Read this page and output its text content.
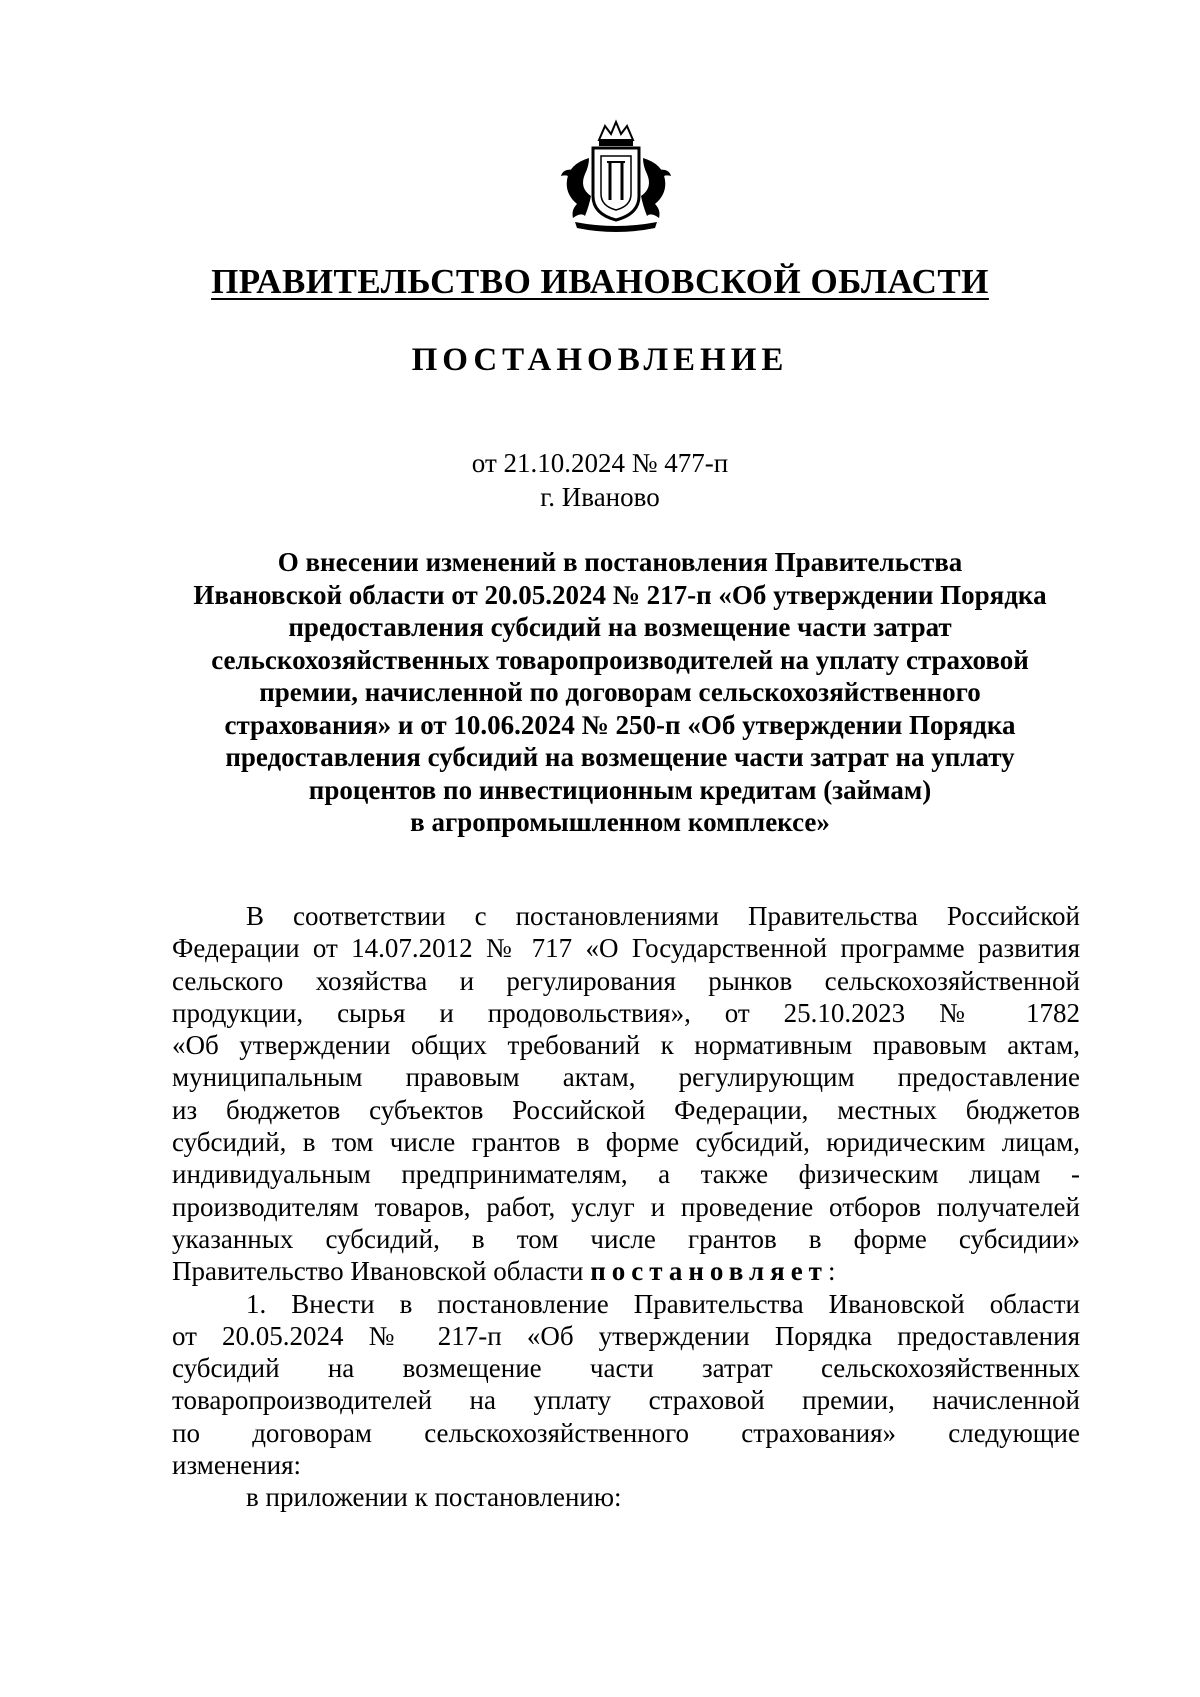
ПРАВИТЕЛЬСТВО ИВАНОВСКОЙ ОБЛАСТИ
ПОСТАНОВЛЕНИЕ
от 21.10.2024 № 477-п
г. Иваново
О внесении изменений в постановления Правительства
Ивановской области от 20.05.2024 № 217-п «Об утверждении Порядка
предоставления субсидий на возмещение части затрат
сельскохозяйственных товаропроизводителей на уплату страховой
премии, начисленной по договорам сельскохозяйственного
страхования» и от 10.06.2024 № 250-п «Об утверждении Порядка
предоставления субсидий на возмещение части затрат на уплату
процентов по инвестиционным кредитам (займам)
в агропромышленном комплексе»
В соответствии с постановлениями Правительства Российской
Федерации от 14.07.2012 № 717 «О Государственной программе развития
сельского хозяйства и регулирования рынков сельскохозяйственной
продукции, сырья и продовольствия», от 25.10.2023 № 1782
«Об утверждении общих требований к нормативным правовым актам,
муниципальным правовым актам, регулирующим предоставление
из бюджетов субъектов Российской Федерации, местных бюджетов
субсидий, в том числе грантов в форме субсидий, юридическим лицам,
индивидуальным предпринимателям, а также физическим лицам -
производителям товаров, работ, услуг и проведение отборов получателей
указанных субсидий, в том числе грантов в форме субсидии»
Правительство Ивановской области постановляет:
1. Внести в постановление Правительства Ивановской области
от 20.05.2024 № 217-п «Об утверждении Порядка предоставления
субсидий на возмещение части затрат сельскохозяйственных
товаропроизводителей на уплату страховой премии, начисленной
по договорам сельскохозяйственного страхования» следующие
изменения:
в приложении к постановлению:
